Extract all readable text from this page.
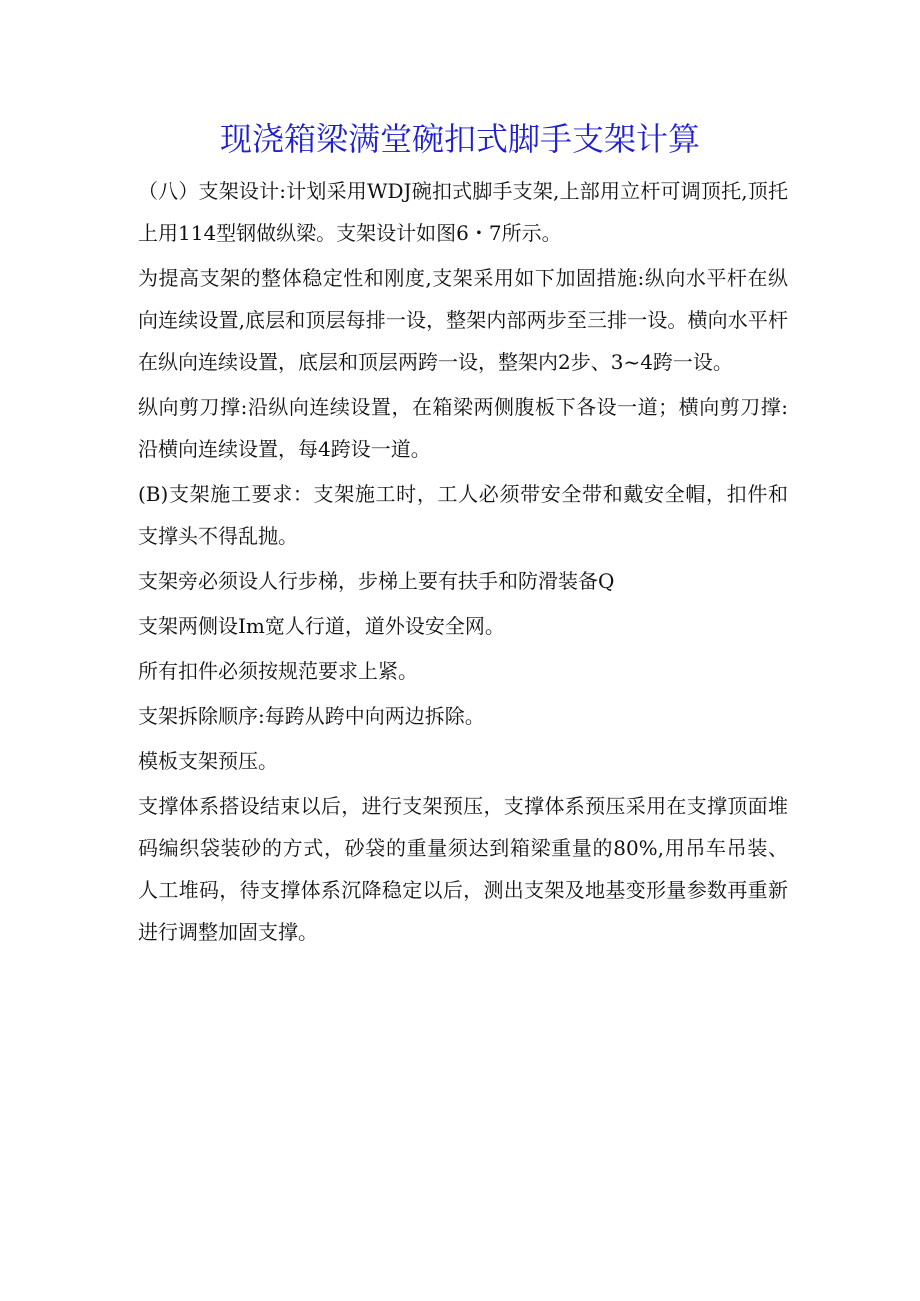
现浇箱梁满堂碗扣式脚手支架计算

（八）支架设计:计划采用WDJ碗扣式脚手支架,上部用立杆可调顶托,顶托上用114型钢做纵梁。支架设计如图6・7所示。

为提高支架的整体稳定性和刚度,支架采用如下加固措施:纵向水平杆在纵向连续设置,底层和顶层每排一设，整架内部两步至三排一设。横向水平杆在纵向连续设置，底层和顶层两跨一设，整架内2步、3~4跨一设。

纵向剪刀撑:沿纵向连续设置，在箱梁两侧腹板下各设一道；横向剪刀撑:沿横向连续设置，每4跨设一道。

(B)支架施工要求：支架施工时，工人必须带安全带和戴安全帽，扣件和支撑头不得乱抛。

支架旁必须设人行步梯，步梯上要有扶手和防滑装备Q

支架两侧设Im宽人行道，道外设安全网。

所有扣件必须按规范要求上紧。

支架拆除顺序:每跨从跨中向两边拆除。

模板支架预压。

支撑体系搭设结束以后，进行支架预压，支撑体系预压采用在支撑顶面堆码编织袋装砂的方式，砂袋的重量须达到箱梁重量的80%,用吊车吊装、人工堆码，待支撑体系沉降稳定以后，测出支架及地基变形量参数再重新进行调整加固支撑。
